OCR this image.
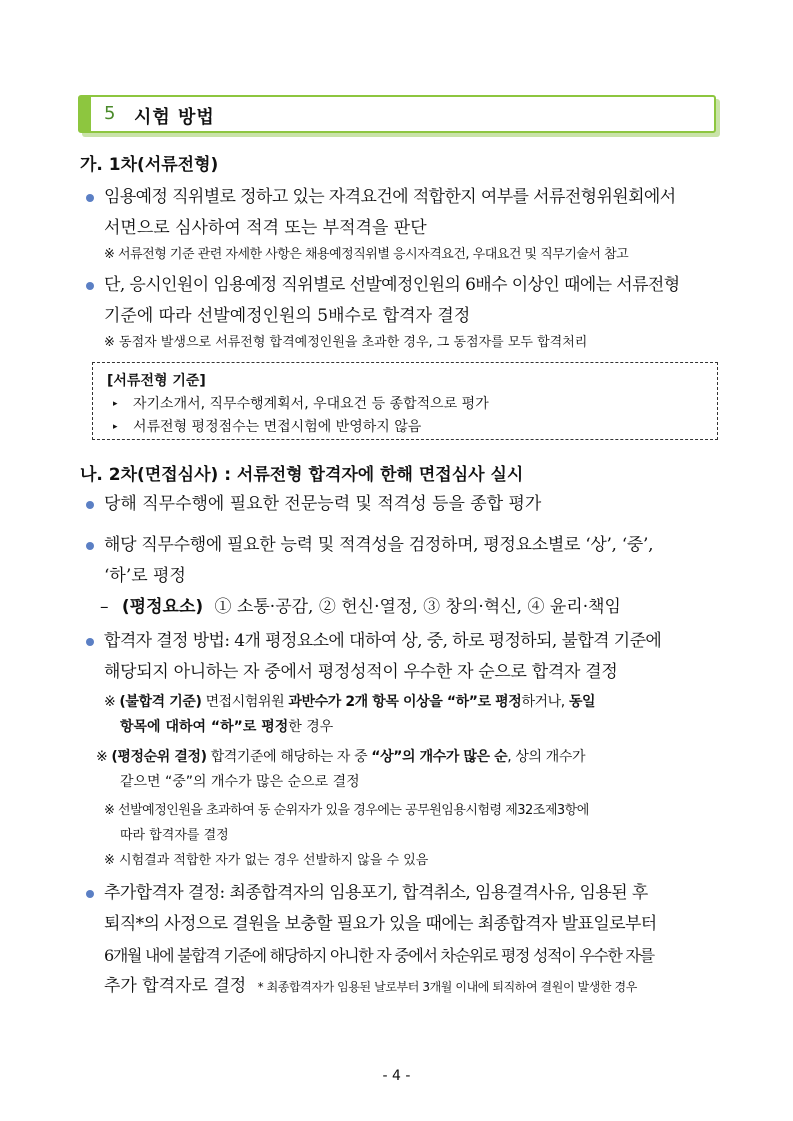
5 시험 방법
가. 1차(서류전형)
임용예정 직위별로 정하고 있는 자격요건에 적합한지 여부를 서류전형위원회에서
서면으로 심사하여 적격 또는 부적격을 판단
※ 서류전형 기준 관련 자세한 사항은 채용예정직위별 응시자격요건, 우대요건 및 직무기술서 참고
단, 응시인원이 임용예정 직위별로 선발예정인원의 6배수 이상인 때에는 서류전형
기준에 따라 선발예정인원의 5배수로 합격자 결정
※ 동점자 발생으로 서류전형 합격예정인원을 초과한 경우, 그 동점자를 모두 합격처리
[서류전형 기준]
▸ 자기소개서, 직무수행계획서, 우대요건 등 종합적으로 평가
▸ 서류전형 평정점수는 면접시험에 반영하지 않음
나. 2차(면접심사) : 서류전형 합격자에 한해 면접심사 실시
당해 직무수행에 필요한 전문능력 및 적격성 등을 종합 평가
해당 직무수행에 필요한 능력 및 적격성을 검정하며, 평정요소별로 ‘상’, ‘중’,
‘하’로 평정
– (평정요소) ① 소통·공감, ② 헌신·열정, ③ 창의·혁신, ④ 윤리·책임
합격자 결정 방법: 4개 평정요소에 대하여 상, 중, 하로 평정하되, 불합격 기준에
해당되지 아니하는 자 중에서 평정성적이 우수한 자 순으로 합격자 결정
※ (불합격 기준) 면접시험위원 과반수가 2개 항목 이상을 “하”로 평정하거나, 동일
항목에 대하여 “하”로 평정한 경우
※ (평정순위 결정) 합격기준에 해당하는 자 중 “상”의 개수가 많은 순, 상의 개수가
같으면 “중”의 개수가 많은 순으로 결정
※ 선발예정인원을 초과하여 동 순위자가 있을 경우에는 공무원임용시험령 제32조제3항에
따라 합격자를 결정
※ 시험결과 적합한 자가 없는 경우 선발하지 않을 수 있음
추가합격자 결정: 최종합격자의 임용포기, 합격취소, 임용결격사유, 임용된 후
퇴직*의 사정으로 결원을 보충할 필요가 있을 때에는 최종합격자 발표일로부터
6개월 내에 불합격 기준에 해당하지 아니한 자 중에서 차순위로 평정 성적이 우수한 자를
추가 합격자로 결정 * 최종합격자가 임용된 날로부터 3개월 이내에 퇴직하여 결원이 발생한 경우
- 4 -
